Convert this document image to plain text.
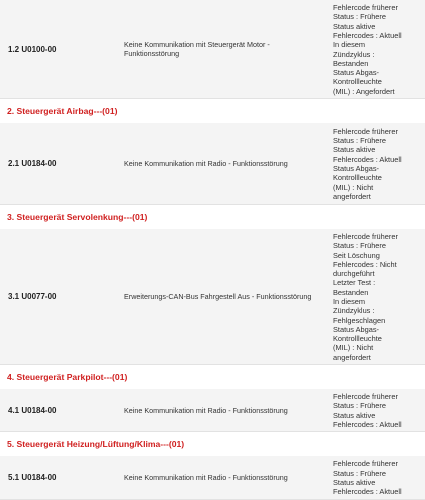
1.2 U0100-00	Keine Kommunikation mit Steuergerät Motor - Funktionsstörung
Fehlercode früherer
Status : Frühere
Status aktive
Fehlercodes : Aktuell
In diesem
Zündzyklus :
Bestanden
Status Abgas-
Kontrollleuchte
(MIL) : Angefordert
2. Steuergerät Airbag---(01)
2.1 U0184-00	Keine Kommunikation mit Radio - Funktionsstörung
Fehlercode früherer
Status : Frühere
Status aktive
Fehlercodes : Aktuell
Status Abgas-
Kontrollleuchte
(MIL) : Nicht
angefordert
3. Steuergerät Servolenkung---(01)
3.1 U0077-00	Erweiterungs-CAN-Bus Fahrgestell Aus - Funktionsstörung
Fehlercode früherer
Status : Frühere
Seit Löschung
Fehlercodes : Nicht
durchgeführt
Letzter Test :
Bestanden
In diesem
Zündzyklus :
Fehlgeschlagen
Status Abgas-
Kontrollleuchte
(MIL) : Nicht
angefordert
4. Steuergerät Parkpilot---(01)
4.1 U0184-00	Keine Kommunikation mit Radio - Funktionsstörung
Fehlercode früherer
Status : Frühere
Status aktive
Fehlercodes : Aktuell
5. Steuergerät Heizung/Lüftung/Klima---(01)
5.1 U0184-00	Keine Kommunikation mit Radio - Funktionsstörung
Fehlercode früherer
Status : Frühere
Status aktive
Fehlercodes : Aktuell
